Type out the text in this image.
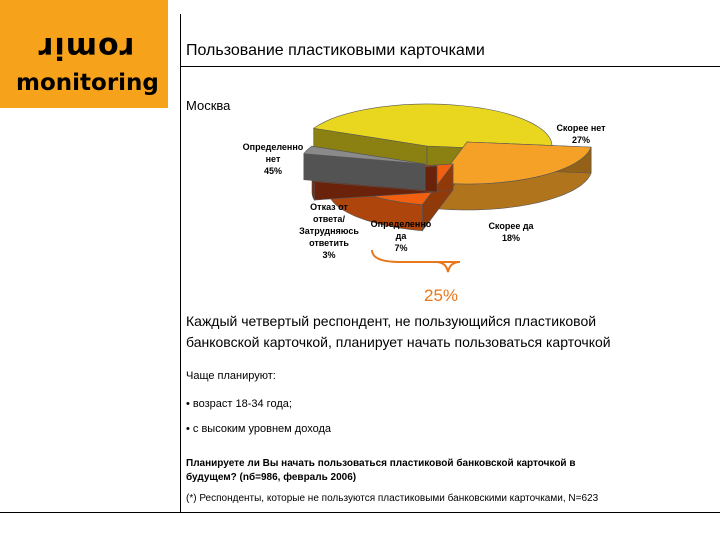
romir
monitoring
Пользование пластиковыми карточками
Москва
Определенно
нет
45%
Скорее нет
27%
Скорее да
18%
Определенно
да
7%
Отказ от
ответа/
Затрудняюсь
ответить
3%
25%
Каждый четвертый респондент, не пользующийся пластиковой
банковской карточкой, планирует начать пользоваться карточкой
Чаще планируют:
• возраст 18-34 года;
• с высоким уровнем дохода
Планируете ли Вы начать пользоваться пластиковой банковской карточкой в
будущем? (nб=986, февраль 2006)
(*) Респонденты, которые не пользуются пластиковыми банковскими карточками, N=623
